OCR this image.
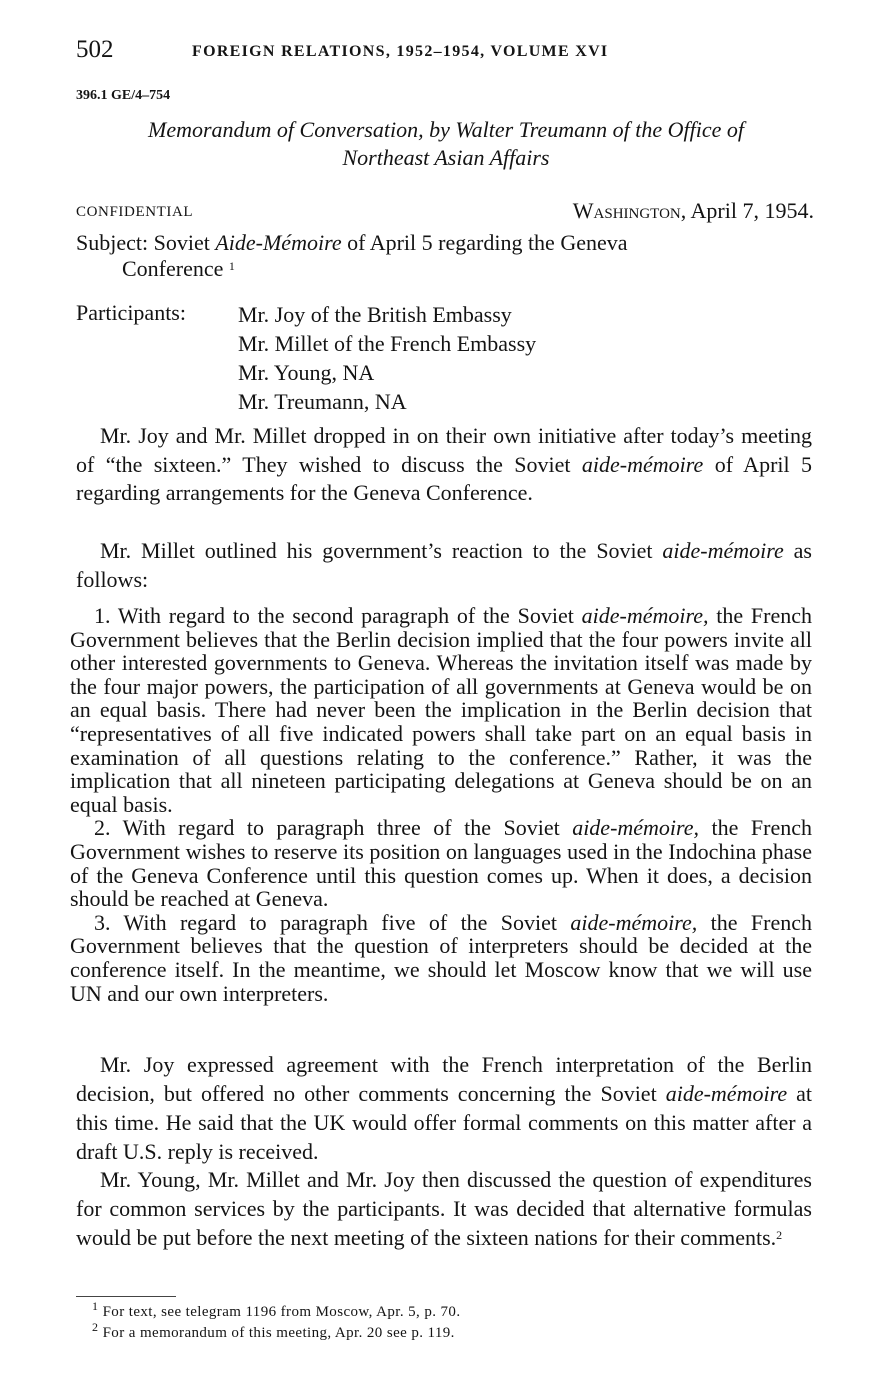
502	FOREIGN RELATIONS, 1952–1954, VOLUME XVI
396.1 GE/4–754
Memorandum of Conversation, by Walter Treumann of the Office of
Northeast Asian Affairs
CONFIDENTIAL	Washington, April 7, 1954.
Subject: Soviet Aide-Mémoire of April 5 regarding the Geneva
Conference $^1$
Participants: Mr. Joy of the British Embassy
Mr. Millet of the French Embassy
Mr. Young, NA
Mr. Treumann, NA

Mr. Joy and Mr. Millet dropped in on their own initiative after today’s meeting of “the sixteen.” They wished to discuss the Soviet aide-mémoire of April 5 regarding arrangements for the Geneva Conference.

Mr. Millet outlined his government’s reaction to the Soviet aide-mémoire as follows:

1. With regard to the second paragraph of the Soviet aide-mémoire, the French Government believes that the Berlin decision implied that the four powers invite all other interested governments to Geneva. Whereas the invitation itself was made by the four major powers, the participation of all governments at Geneva would be on an equal basis. There had never been the implication in the Berlin decision that “representatives of all five indicated powers shall take part on an equal basis in examination of all questions relating to the conference.” Rather, it was the implication that all nineteen participating delegations at Geneva should be on an equal basis.

2. With regard to paragraph three of the Soviet aide-mémoire, the French Government wishes to reserve its position on languages used in the Indochina phase of the Geneva Conference until this question comes up. When it does, a decision should be reached at Geneva.

3. With regard to paragraph five of the Soviet aide-mémoire, the French Government believes that the question of interpreters should be decided at the conference itself. In the meantime, we should let Moscow know that we will use UN and our own interpreters.

Mr. Joy expressed agreement with the French interpretation of the Berlin decision, but offered no other comments concerning the Soviet aide-mémoire at this time. He said that the UK would offer formal comments on this matter after a draft U.S. reply is received.

Mr. Young, Mr. Millet and Mr. Joy then discussed the question of expenditures for common services by the participants. It was decided that alternative formulas would be put before the next meeting of the sixteen nations for their comments.$^2$

$^1$ For text, see telegram 1196 from Moscow, Apr. 5, p. 70.
$^2$ For a memorandum of this meeting, Apr. 20 see p. 119.
